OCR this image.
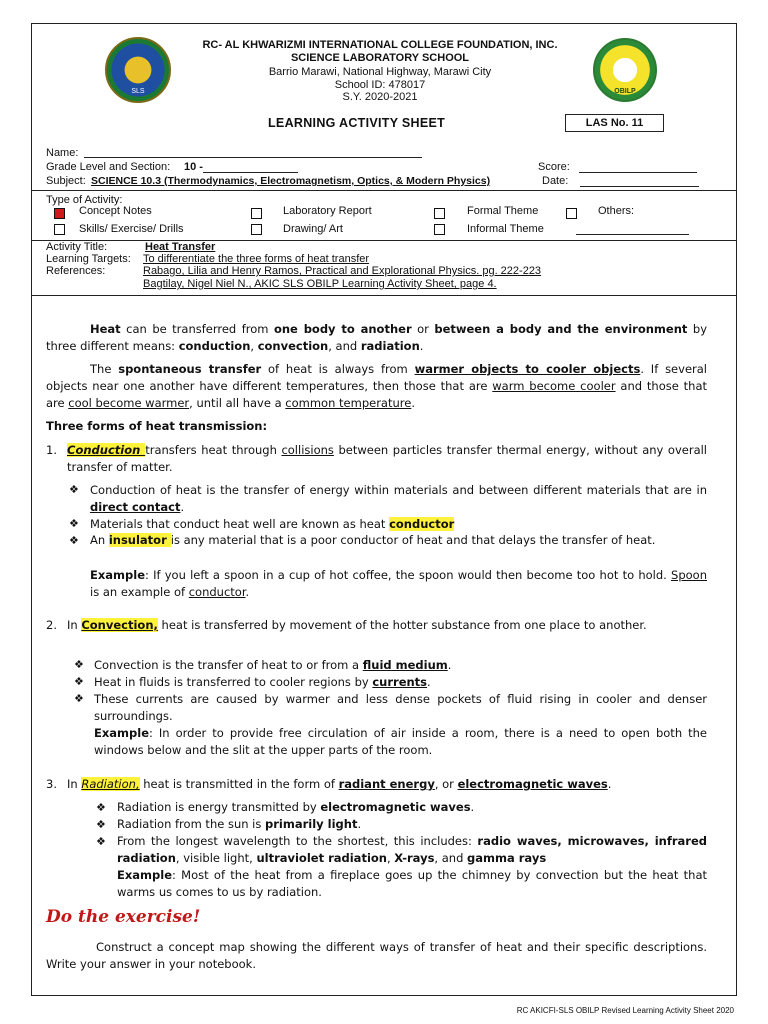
SLS	OBILP
RC- AL KHWARIZMI INTERNATIONAL COLLEGE FOUNDATION, INC.
SCIENCE LABORATORY SCHOOL
Barrio Marawi, National Highway, Marawi City
School ID: 478017
S.Y. 2020-2021
LEARNING ACTIVITY SHEET	LAS No. 11
Name:
Grade Level and Section: 10 -	Score:
Subject: SCIENCE 10.3 (Thermodynamics, Electromagnetism, Optics, & Modern Physics)	Date:
Type of Activity:
Concept Notes	Laboratory Report	Formal Theme	Others:
Skills/ Exercise/ Drills	Drawing/ Art	Informal Theme
Activity Title:	Heat Transfer
Learning Targets: To differentiate the three forms of heat transfer
References:	Rabago, Lilia and Henry Ramos, Practical and Explorational Physics. pg. 222-223
Bagtilay, Nigel Niel N., AKIC SLS OBILP Learning Activity Sheet, page 4.
Heat can be transferred from one body to another or between a body and the environment by three different means: conduction, convection, and radiation.
The spontaneous transfer of heat is always from warmer objects to cooler objects. If several objects near one another have different temperatures, then those that are warm become cooler and those that are cool become warmer, until all have a common temperature.
Three forms of heat transmission:
1. Conduction transfers heat through collisions between particles transfer thermal energy, without any overall transfer of matter.
❖ Conduction of heat is the transfer of energy within materials and between different materials that are in direct contact.
❖ Materials that conduct heat well are known as heat conductor
❖ An insulator is any material that is a poor conductor of heat and that delays the transfer of heat.
Example: If you left a spoon in a cup of hot coffee, the spoon would then become too hot to hold. Spoon is an example of conductor.
2. In Convection, heat is transferred by movement of the hotter substance from one place to another.
❖ Convection is the transfer of heat to or from a fluid medium.
❖ Heat in fluids is transferred to cooler regions by currents.
❖ These currents are caused by warmer and less dense pockets of fluid rising in cooler and denser surroundings.
Example: In order to provide free circulation of air inside a room, there is a need to open both the windows below and the slit at the upper parts of the room.
3. In Radiation, heat is transmitted in the form of radiant energy, or electromagnetic waves.
❖ Radiation is energy transmitted by electromagnetic waves.
❖ Radiation from the sun is primarily light.
❖ From the longest wavelength to the shortest, this includes: radio waves, microwaves, infrared radiation, visible light, ultraviolet radiation, X-rays, and gamma rays
Example: Most of the heat from a fireplace goes up the chimney by convection but the heat that warms us comes to us by radiation.
Do the exercise!
Construct a concept map showing the different ways of transfer of heat and their specific descriptions. Write your answer in your notebook.
RC AKICFI-SLS OBILP Revised Learning Activity Sheet 2020
